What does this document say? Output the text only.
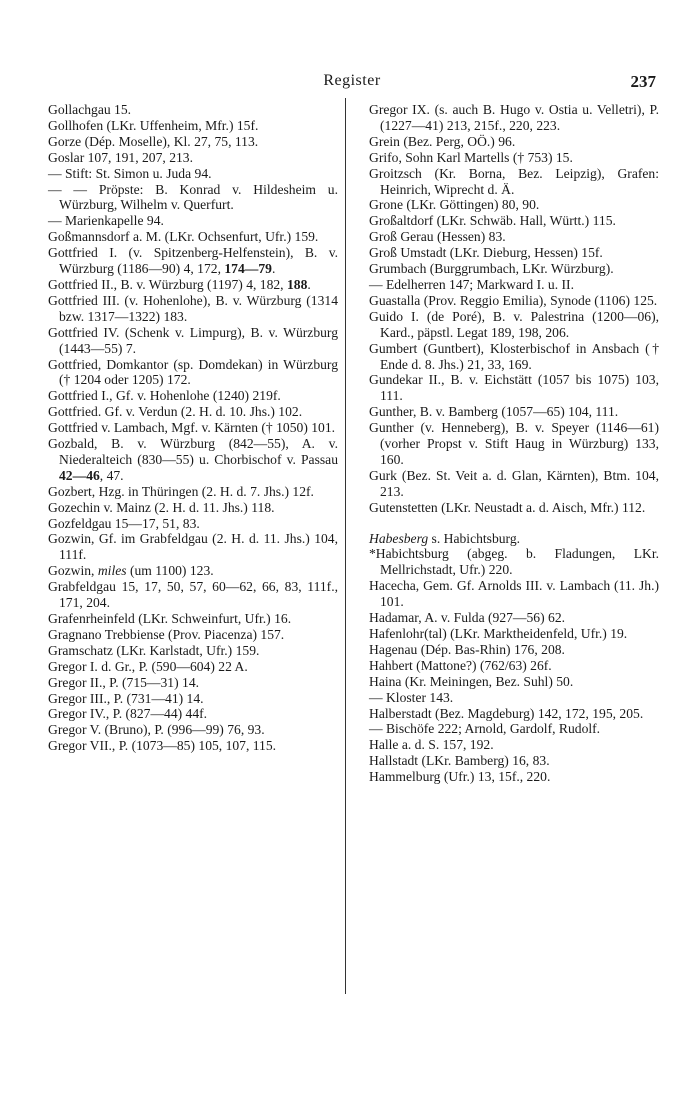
Register	237
Gollachgau 15.
Gollhofen (LKr. Uffenheim, Mfr.) 15f.
Gorze (Dép. Moselle), Kl. 27, 75, 113.
Goslar 107, 191, 207, 213.
— Stift: St. Simon u. Juda 94.
— — Pröpste: B. Konrad v. Hildesheim u. Würzburg, Wilhelm v. Querfurt.
— Marienkapelle 94.
Goßmannsdorf a. M. (LKr. Ochsenfurt, Ufr.) 159.
Gottfried I. (v. Spitzenberg-Helfenstein), B. v. Würzburg (1186—90) 4, 172, 174—79.
Gottfried II., B. v. Würzburg (1197) 4, 182, 188.
Gottfried III. (v. Hohenlohe), B. v. Würzburg (1314 bzw. 1317—1322) 183.
Gottfried IV. (Schenk v. Limpurg), B. v. Würzburg (1443—55) 7.
Gottfried, Domkantor (sp. Domdekan) in Würzburg († 1204 oder 1205) 172.
Gottfried I., Gf. v. Hohenlohe (1240) 219f.
Gottfried. Gf. v. Verdun (2. H. d. 10. Jhs.) 102.
Gottfried v. Lambach, Mgf. v. Kärnten († 1050) 101.
Gozbald, B. v. Würzburg (842—55), A. v. Niederalteich (830—55) u. Chorbischof v. Passau 42—46, 47.
Gozbert, Hzg. in Thüringen (2. H. d. 7. Jhs.) 12f.
Gozechin v. Mainz (2. H. d. 11. Jhs.) 118.
Gozfeldgau 15—17, 51, 83.
Gozwin, Gf. im Grabfeldgau (2. H. d. 11. Jhs.) 104, 111f.
Gozwin, miles (um 1100) 123.
Grabfeldgau 15, 17, 50, 57, 60—62, 66, 83, 111f., 171, 204.
Grafenrheinfeld (LKr. Schweinfurt, Ufr.) 16.
Gragnano Trebbiense (Prov. Piacenza) 157.
Gramschatz (LKr. Karlstadt, Ufr.) 159.
Gregor I. d. Gr., P. (590—604) 22 A.
Gregor II., P. (715—31) 14.
Gregor III., P. (731—41) 14.
Gregor IV., P. (827—44) 44f.
Gregor V. (Bruno), P. (996—99) 76, 93.
Gregor VII., P. (1073—85) 105, 107, 115.
Gregor IX. (s. auch B. Hugo v. Ostia u. Velletri), P. (1227—41) 213, 215f., 220, 223.
Grein (Bez. Perg, OÖ.) 96.
Grifo, Sohn Karl Martells († 753) 15.
Groitzsch (Kr. Borna, Bez. Leipzig), Grafen: Heinrich, Wiprecht d. Ä.
Grone (LKr. Göttingen) 80, 90.
Großaltdorf (LKr. Schwäb. Hall, Württ.) 115.
Groß Gerau (Hessen) 83.
Groß Umstadt (LKr. Dieburg, Hessen) 15f.
Grumbach (Burggrumbach, LKr. Würzburg).
— Edelherren 147; Markward I. u. II.
Guastalla (Prov. Reggio Emilia), Synode (1106) 125.
Guido I. (de Poré), B. v. Palestrina (1200—06), Kard., päpstl. Legat 189, 198, 206.
Gumbert (Guntbert), Klosterbischof in Ansbach († Ende d. 8. Jhs.) 21, 33, 169.
Gundekar II., B. v. Eichstätt (1057 bis 1075) 103, 111.
Gunther, B. v. Bamberg (1057—65) 104, 111.
Gunther (v. Henneberg), B. v. Speyer (1146—61) (vorher Propst v. Stift Haug in Würzburg) 133, 160.
Gurk (Bez. St. Veit a. d. Glan, Kärnten), Btm. 104, 213.
Gutenstetten (LKr. Neustadt a. d. Aisch, Mfr.) 112.
Habesberg s. Habichtsburg.
*Habichtsburg (abgeg. b. Fladungen, LKr. Mellrichstadt, Ufr.) 220.
Hacecha, Gem. Gf. Arnolds III. v. Lambach (11. Jh.) 101.
Hadamar, A. v. Fulda (927—56) 62.
Hafenlohr(tal) (LKr. Marktheidenfeld, Ufr.) 19.
Hagenau (Dép. Bas-Rhin) 176, 208.
Hahbert (Mattone?) (762/63) 26f.
Haina (Kr. Meiningen, Bez. Suhl) 50.
— Kloster 143.
Halberstadt (Bez. Magdeburg) 142, 172, 195, 205.
— Bischöfe 222; Arnold, Gardolf, Rudolf.
Halle a. d. S. 157, 192.
Hallstadt (LKr. Bamberg) 16, 83.
Hammelburg (Ufr.) 13, 15f., 220.
